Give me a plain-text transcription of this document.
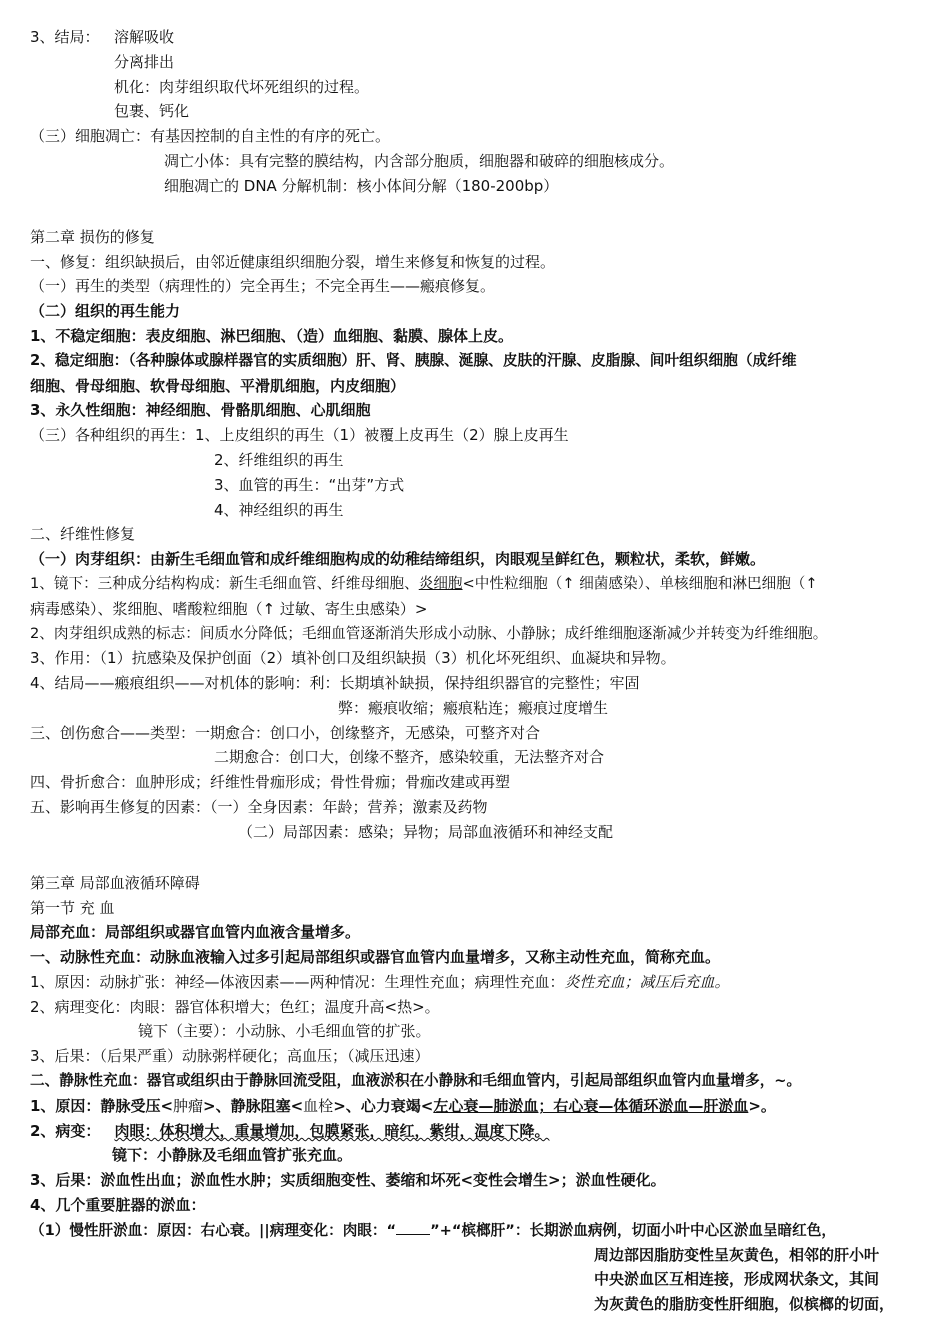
3、结局： 溶解吸收
分离排出
机化：肉芽组织取代坏死组织的过程。
包裹、钙化
（三）细胞凋亡：有基因控制的自主性的有序的死亡。
凋亡小体：具有完整的膜结构，内含部分胞质，细胞器和破碎的细胞核成分。
细胞凋亡的 DNA 分解机制：核小体间分解（180-200bp）
第二章 损伤的修复
一、修复：组织缺损后，由邻近健康组织细胞分裂，增生来修复和恢复的过程。
（一）再生的类型（病理性的）完全再生；不完全再生——瘢痕修复。
（二）组织的再生能力
1、不稳定细胞：表皮细胞、淋巴细胞、（造）血细胞、黏膜、腺体上皮。
2、稳定细胞：（各种腺体或腺样器官的实质细胞）肝、肾、胰腺、涎腺、皮肤的汗腺、皮脂腺、间叶组织细胞（成纤维
细胞、骨母细胞、软骨母细胞、平滑肌细胞，内皮细胞）
3、永久性细胞：神经细胞、骨骼肌细胞、心肌细胞
（三）各种组织的再生：1、上皮组织的再生（1）被覆上皮再生（2）腺上皮再生
2、纤维组织的再生
3、血管的再生：“出芽”方式
4、神经组织的再生
二、纤维性修复
（一）肉芽组织：由新生毛细血管和成纤维细胞构成的幼稚结缔组织，肉眼观呈鲜红色，颗粒状，柔软，鲜嫩。
1、镜下：三种成分结构构成：新生毛细血管、纤维母细胞、炎细胞<中性粒细胞（↑ 细菌感染）、单核细胞和淋巴细胞（↑
病毒感染）、浆细胞、嗜酸粒细胞（↑ 过敏、寄生虫感染）>
2、肉芽组织成熟的标志：间质水分降低；毛细血管逐渐消失形成小动脉、小静脉；成纤维细胞逐渐减少并转变为纤维细胞。
3、作用：（1）抗感染及保护创面（2）填补创口及组织缺损（3）机化坏死组织、血凝块和异物。
4、结局——瘢痕组织——对机体的影响：利：长期填补缺损，保持组织器官的完整性；牢固
弊：瘢痕收缩；瘢痕粘连；瘢痕过度增生
三、创伤愈合——类型：一期愈合：创口小，创缘整齐，无感染，可整齐对合
二期愈合：创口大，创缘不整齐，感染较重，无法整齐对合
四、骨折愈合：血肿形成；纤维性骨痂形成；骨性骨痂；骨痂改建或再塑
五、影响再生修复的因素：（一）全身因素：年龄；营养；激素及药物
（二）局部因素：感染；异物；局部血液循环和神经支配
第三章 局部血液循环障碍
第一节 充 血
局部充血：局部组织或器官血管内血液含量增多。
一、动脉性充血：动脉血液输入过多引起局部组织或器官血管内血量增多，又称主动性充血，简称充血。
1、原因：动脉扩张：神经—体液因素——两种情况：生理性充血；病理性充血：炎性充血；减压后充血。
2、病理变化：肉眼：器官体积增大；色红；温度升高<热>。
镜下（主要）：小动脉、小毛细血管的扩张。
3、后果：（后果严重）动脉粥样硬化；高血压；（减压迅速）
二、静脉性充血：器官或组织由于静脉回流受阻，血液淤积在小静脉和毛细血管内，引起局部组织血管内血量增多，~。
1、原因：静脉受压<肿瘤>、静脉阻塞<血栓>、心力衰竭<左心衰—肺淤血；右心衰—体循环淤血—肝淤血>。
2、病变： 肉眼：体积增大，重量增加，包膜紧张，暗红，紫绀，温度下降。
镜下：小静脉及毛细血管扩张充血。
3、后果：淤血性出血；淤血性水肿；实质细胞变性、萎缩和坏死<变性会增生>；淤血性硬化。
4、几个重要脏器的淤血：
（1）慢性肝淤血：原因：右心衰。||病理变化：肉眼：“ ”+“槟榔肝”：长期淤血病例，切面小叶中心区淤血呈暗红色，
周边部因脂肪变性呈灰黄色，相邻的肝小叶
中央淤血区互相连接，形成网状条文，其间
为灰黄色的脂肪变性肝细胞，似槟榔的切面，
